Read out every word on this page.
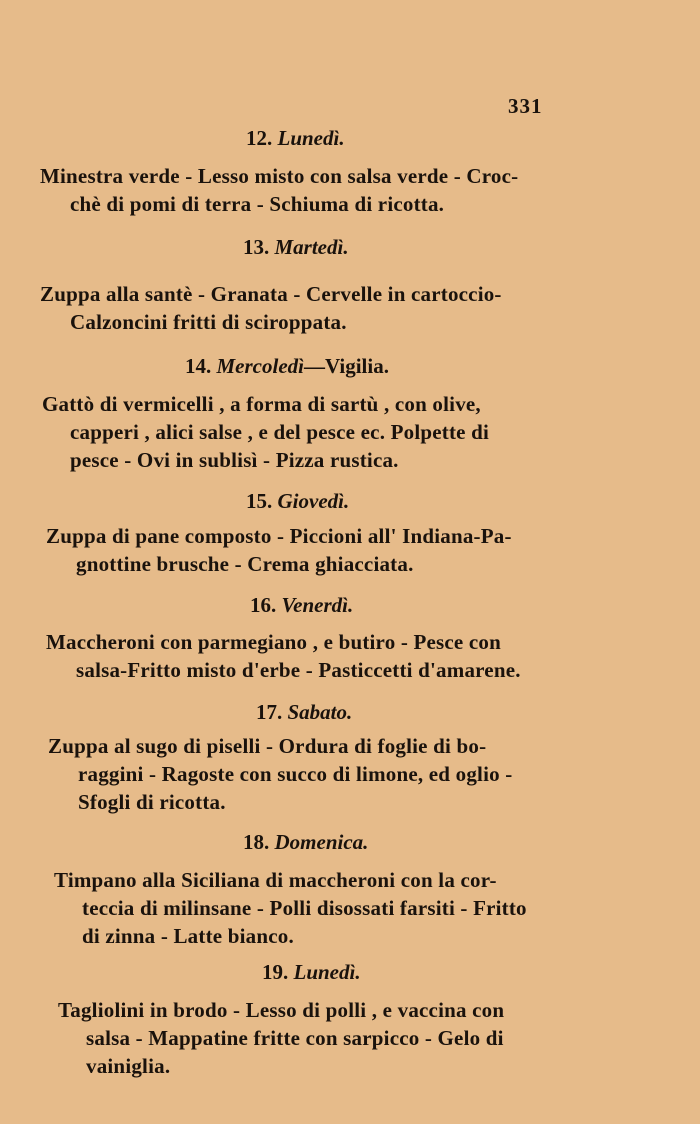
331
12. Lunedì.
Minestra verde - Lesso misto con salsa verde - Croc-
chè di pomi di terra - Schiuma di ricotta.
13. Martedì.
Zuppa alla santè - Granata - Cervelle in cartoccio-
Calzoncini fritti di sciroppata.
14. Mercoledì—Vigilia.
Gattò di vermicelli , a forma di sartù , con olive,
capperi , alici salse , e del pesce ec. Polpette di
pesce - Ovi in sublisì - Pizza rustica.
15. Giovedì.
Zuppa di pane composto - Piccioni all' Indiana-Pa-
gnottine brusche - Crema ghiacciata.
16. Venerdì.
Maccheroni con parmegiano , e butiro - Pesce con
salsa-Fritto misto d'erbe - Pasticcetti d'amarene.
17. Sabato.
Zuppa al sugo di piselli - Ordura di foglie di bo-
raggini - Ragoste con succo di limone, ed oglio -
Sfogli di ricotta.
18. Domenica.
Timpano alla Siciliana di maccheroni con la cor-
teccia di milinsane - Polli disossati farsiti - Fritto
di zinna - Latte bianco.
19. Lunedì.
Tagliolini in brodo - Lesso di polli , e vaccina con
salsa - Mappatine fritte con sarpicco - Gelo di
vainiglia.
